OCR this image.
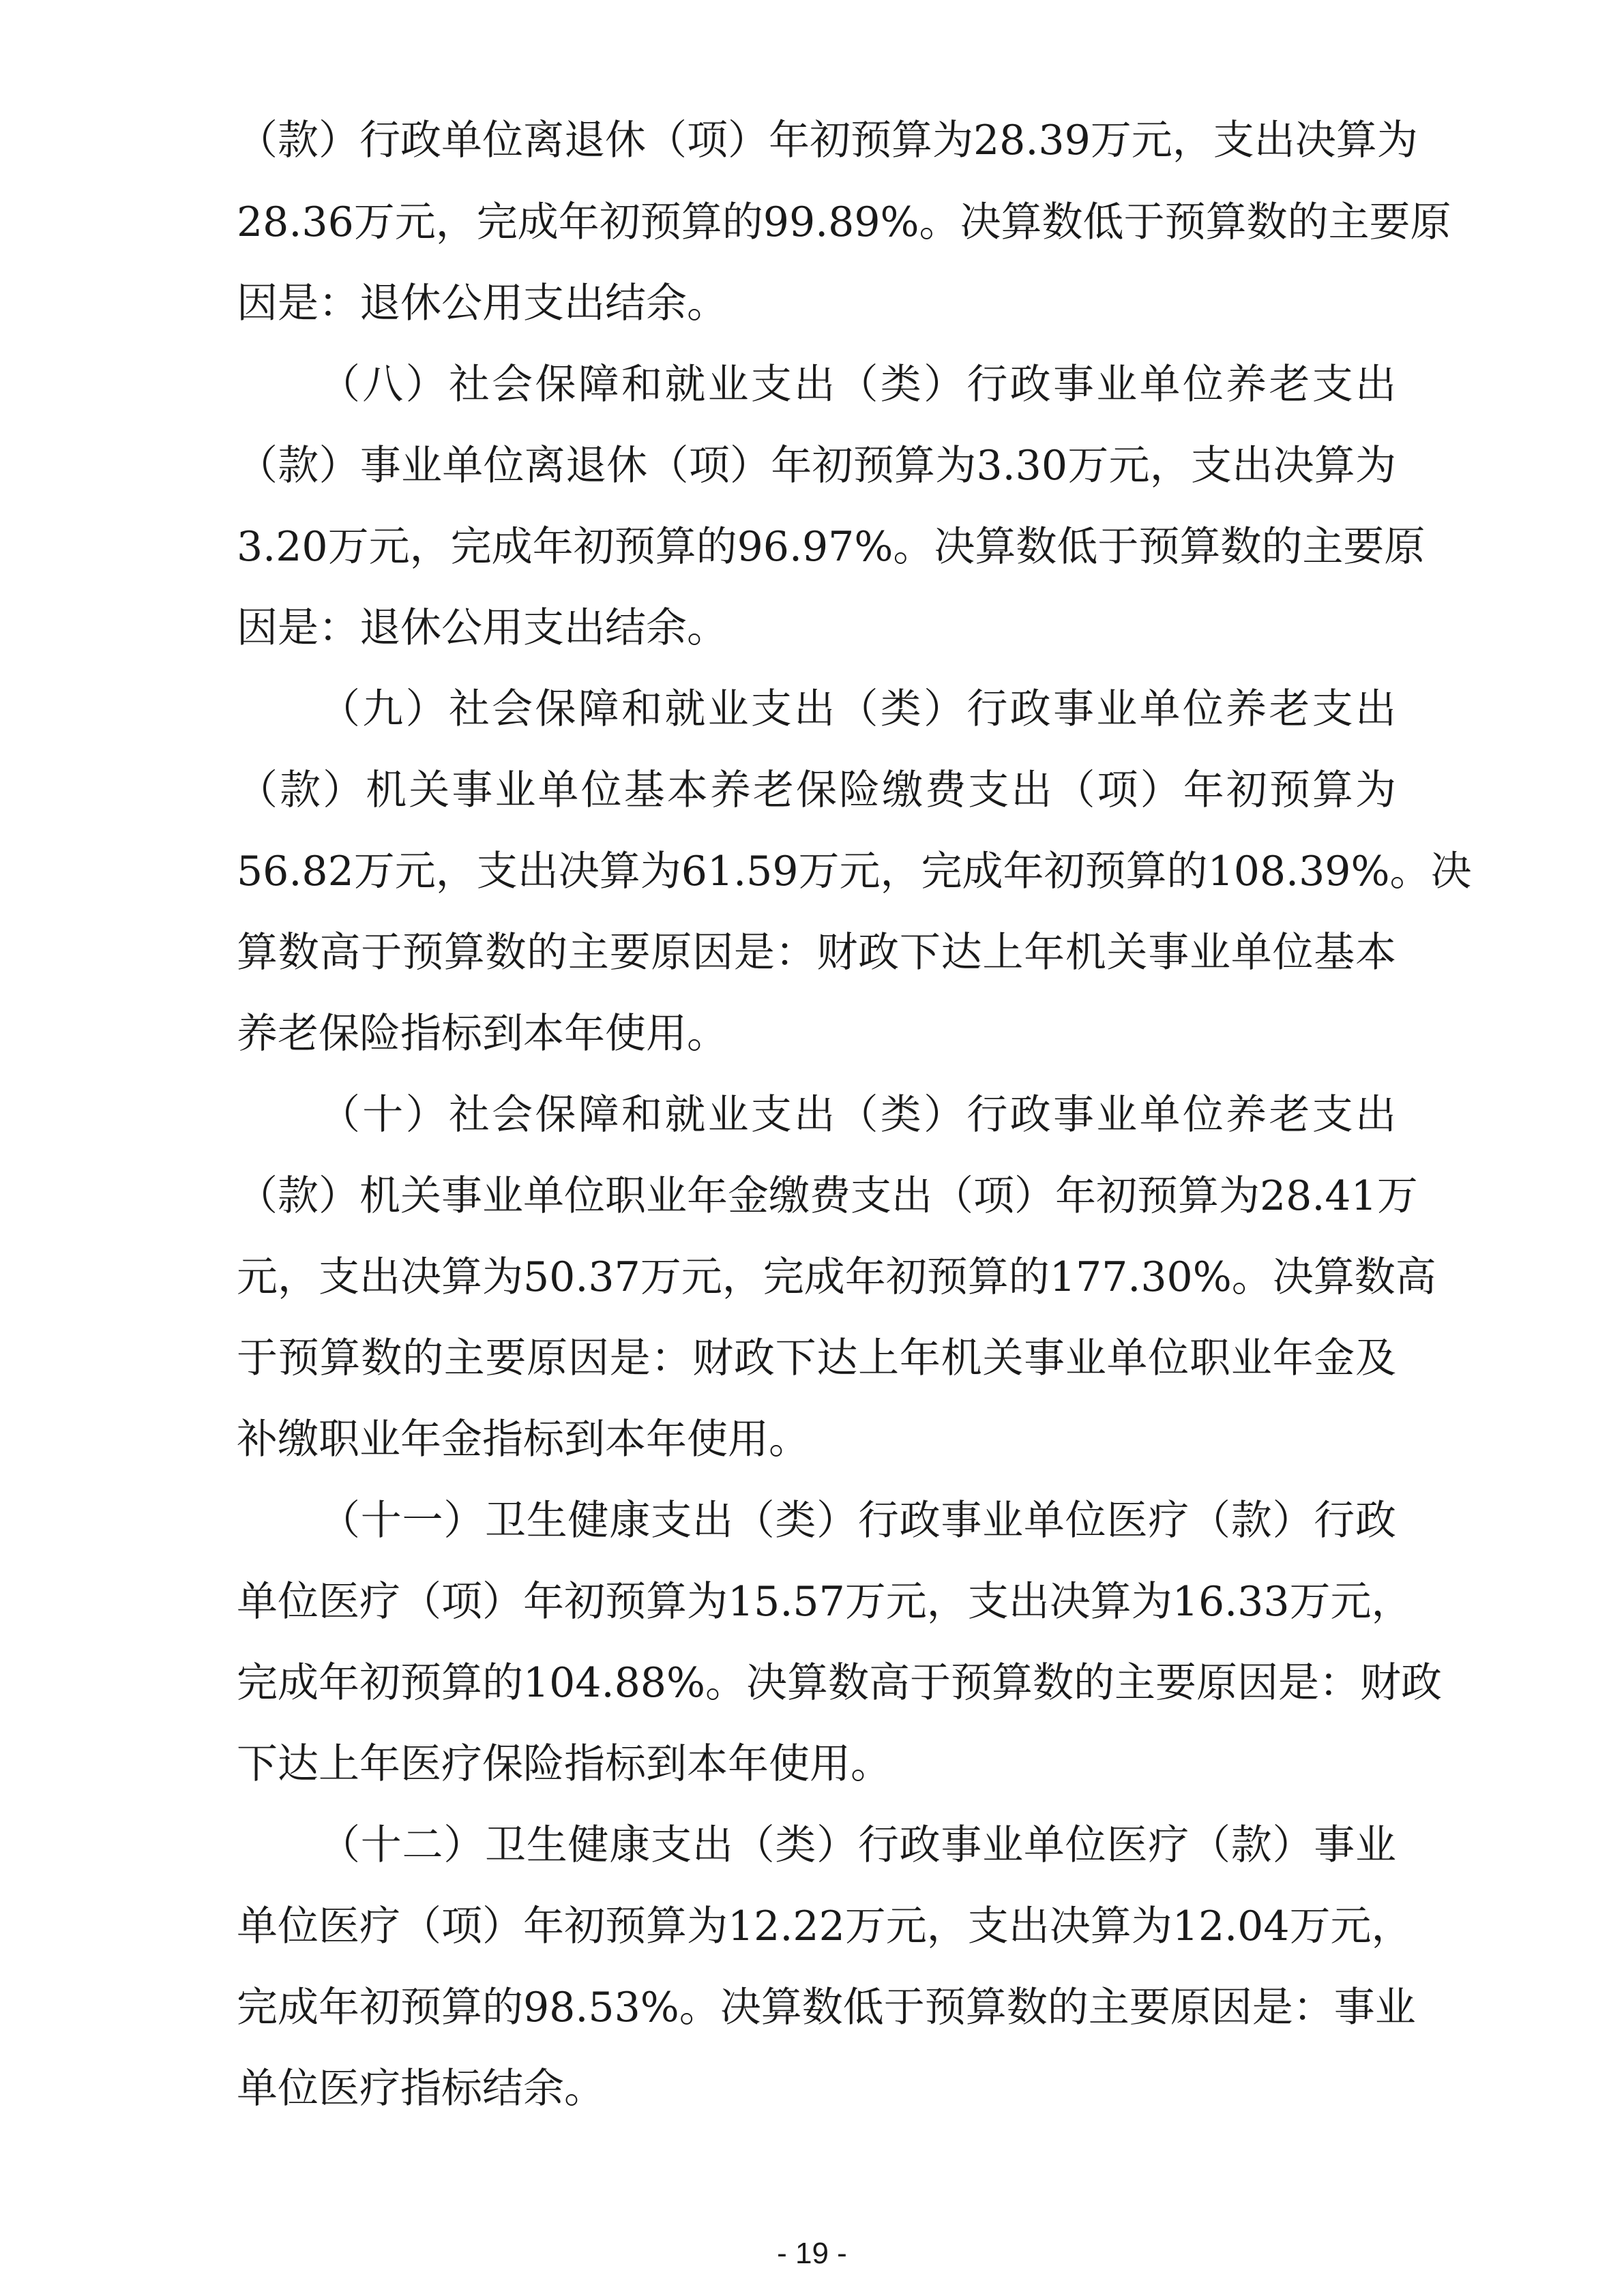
（款）行政单位离退休（项）年初预算为28.39万元，支出决算为
28.36万元，完成年初预算的99.89%。决算数低于预算数的主要原
因是：退休公用支出结余。
（八）社会保障和就业支出（类）行政事业单位养老支出
（款）事业单位离退休（项）年初预算为3.30万元，支出决算为
3.20万元，完成年初预算的96.97%。决算数低于预算数的主要原
因是：退休公用支出结余。
（九）社会保障和就业支出（类）行政事业单位养老支出
（款）机关事业单位基本养老保险缴费支出（项）年初预算为
56.82万元，支出决算为61.59万元，完成年初预算的108.39%。决
算数高于预算数的主要原因是：财政下达上年机关事业单位基本
养老保险指标到本年使用。
（十）社会保障和就业支出（类）行政事业单位养老支出
（款）机关事业单位职业年金缴费支出（项）年初预算为28.41万
元，支出决算为50.37万元，完成年初预算的177.30%。决算数高
于预算数的主要原因是：财政下达上年机关事业单位职业年金及
补缴职业年金指标到本年使用。
（十一）卫生健康支出（类）行政事业单位医疗（款）行政
单位医疗（项）年初预算为15.57万元，支出决算为16.33万元，
完成年初预算的104.88%。决算数高于预算数的主要原因是：财政
下达上年医疗保险指标到本年使用。
（十二）卫生健康支出（类）行政事业单位医疗（款）事业
单位医疗（项）年初预算为12.22万元，支出决算为12.04万元，
完成年初预算的98.53%。决算数低于预算数的主要原因是：事业
单位医疗指标结余。
- 19 -
